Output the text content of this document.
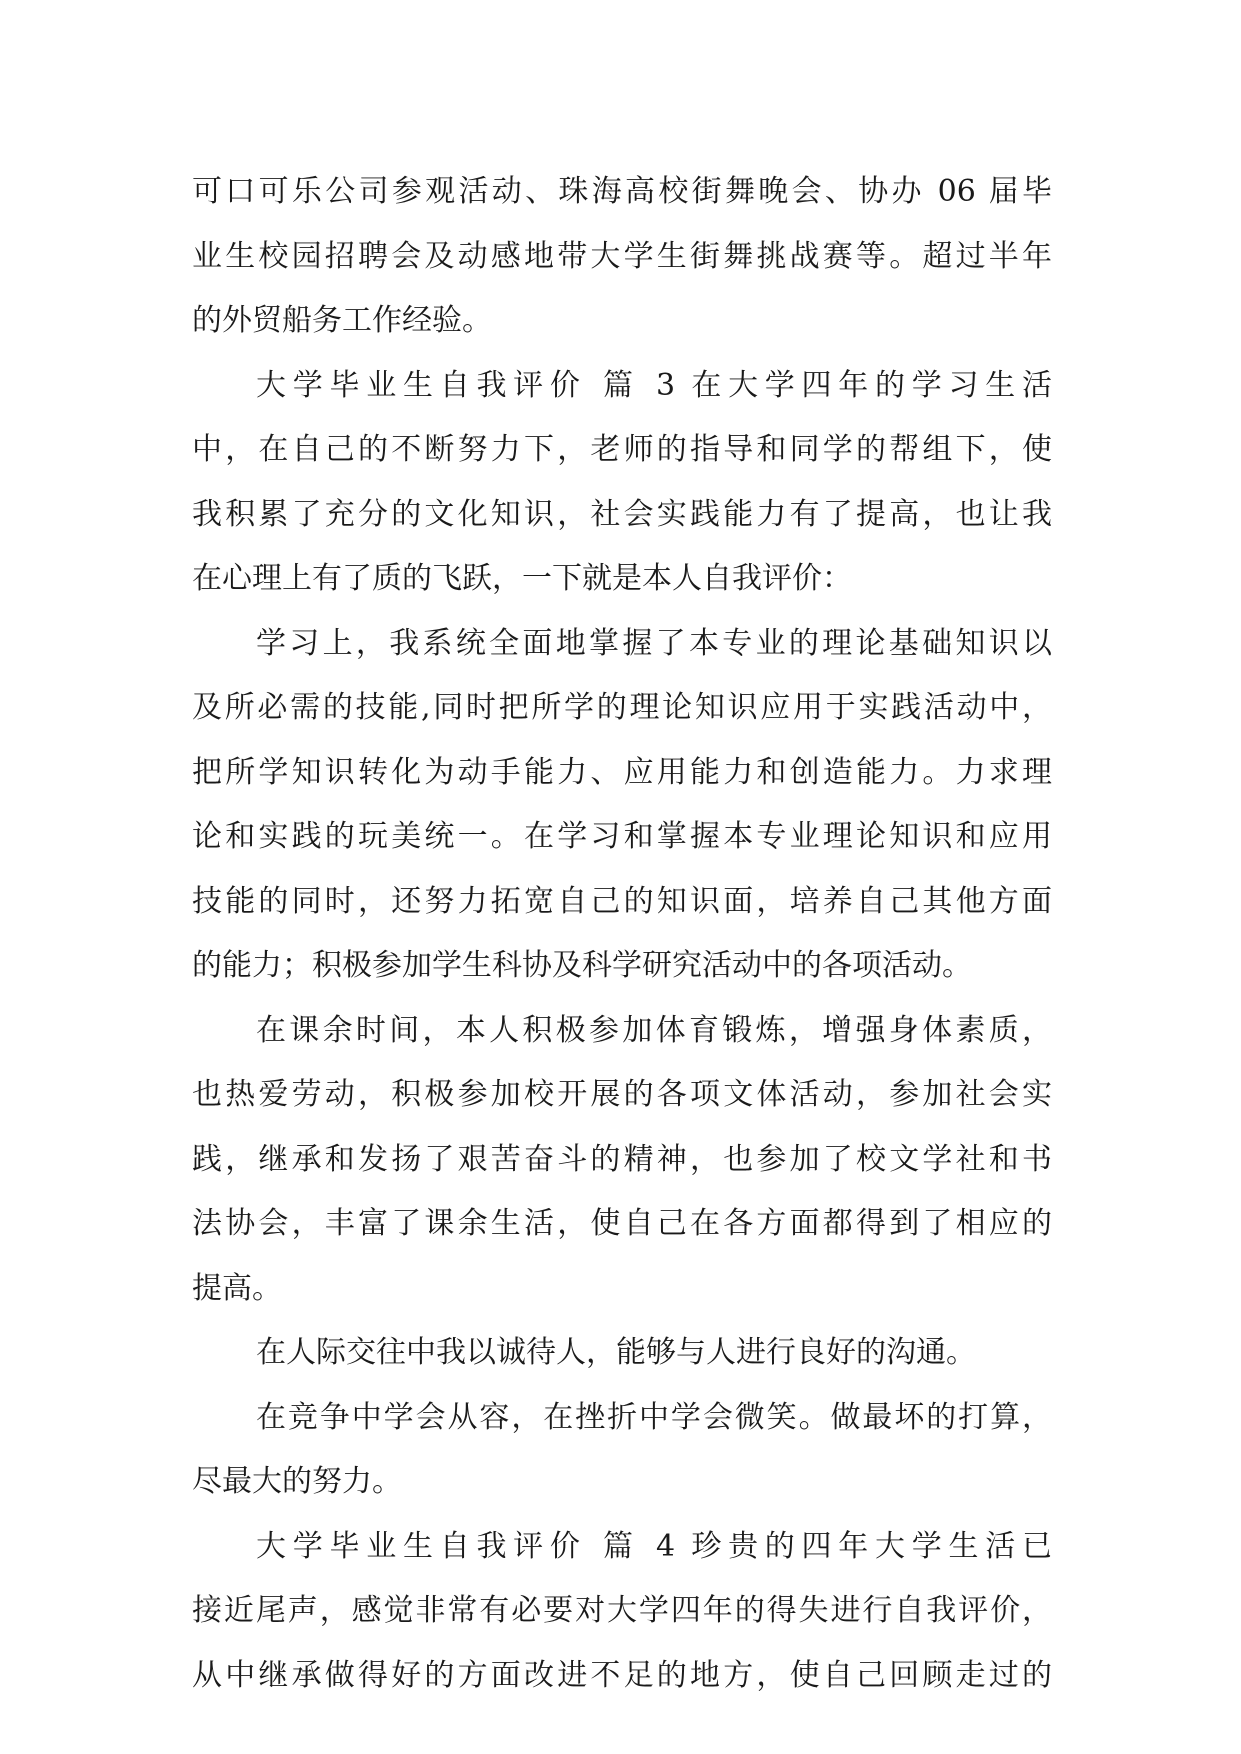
可口可乐公司参观活动、珠海高校街舞晚会、协办 06 届毕
业生校园招聘会及动感地带大学生街舞挑战赛等。超过半年
的外贸船务工作经验。
大学毕业生自我评价 篇 3 在大学四年的学习生活
中，在自己的不断努力下，老师的指导和同学的帮组下，使
我积累了充分的文化知识，社会实践能力有了提高，也让我
在心理上有了质的飞跃，一下就是本人自我评价：
学习上，我系统全面地掌握了本专业的理论基础知识以
及所必需的技能,同时把所学的理论知识应用于实践活动中，
把所学知识转化为动手能力、应用能力和创造能力。力求理
论和实践的玩美统一。在学习和掌握本专业理论知识和应用
技能的同时，还努力拓宽自己的知识面，培养自己其他方面
的能力；积极参加学生科协及科学研究活动中的各项活动。
在课余时间，本人积极参加体育锻炼，增强身体素质，
也热爱劳动，积极参加校开展的各项文体活动，参加社会实
践，继承和发扬了艰苦奋斗的精神，也参加了校文学社和书
法协会，丰富了课余生活，使自己在各方面都得到了相应的
提高。
在人际交往中我以诚待人，能够与人进行良好的沟通。
在竞争中学会从容，在挫折中学会微笑。做最坏的打算，
尽最大的努力。
大学毕业生自我评价 篇 4 珍贵的四年大学生活已
接近尾声，感觉非常有必要对大学四年的得失进行自我评价，
从中继承做得好的方面改进不足的地方，使自己回顾走过的
